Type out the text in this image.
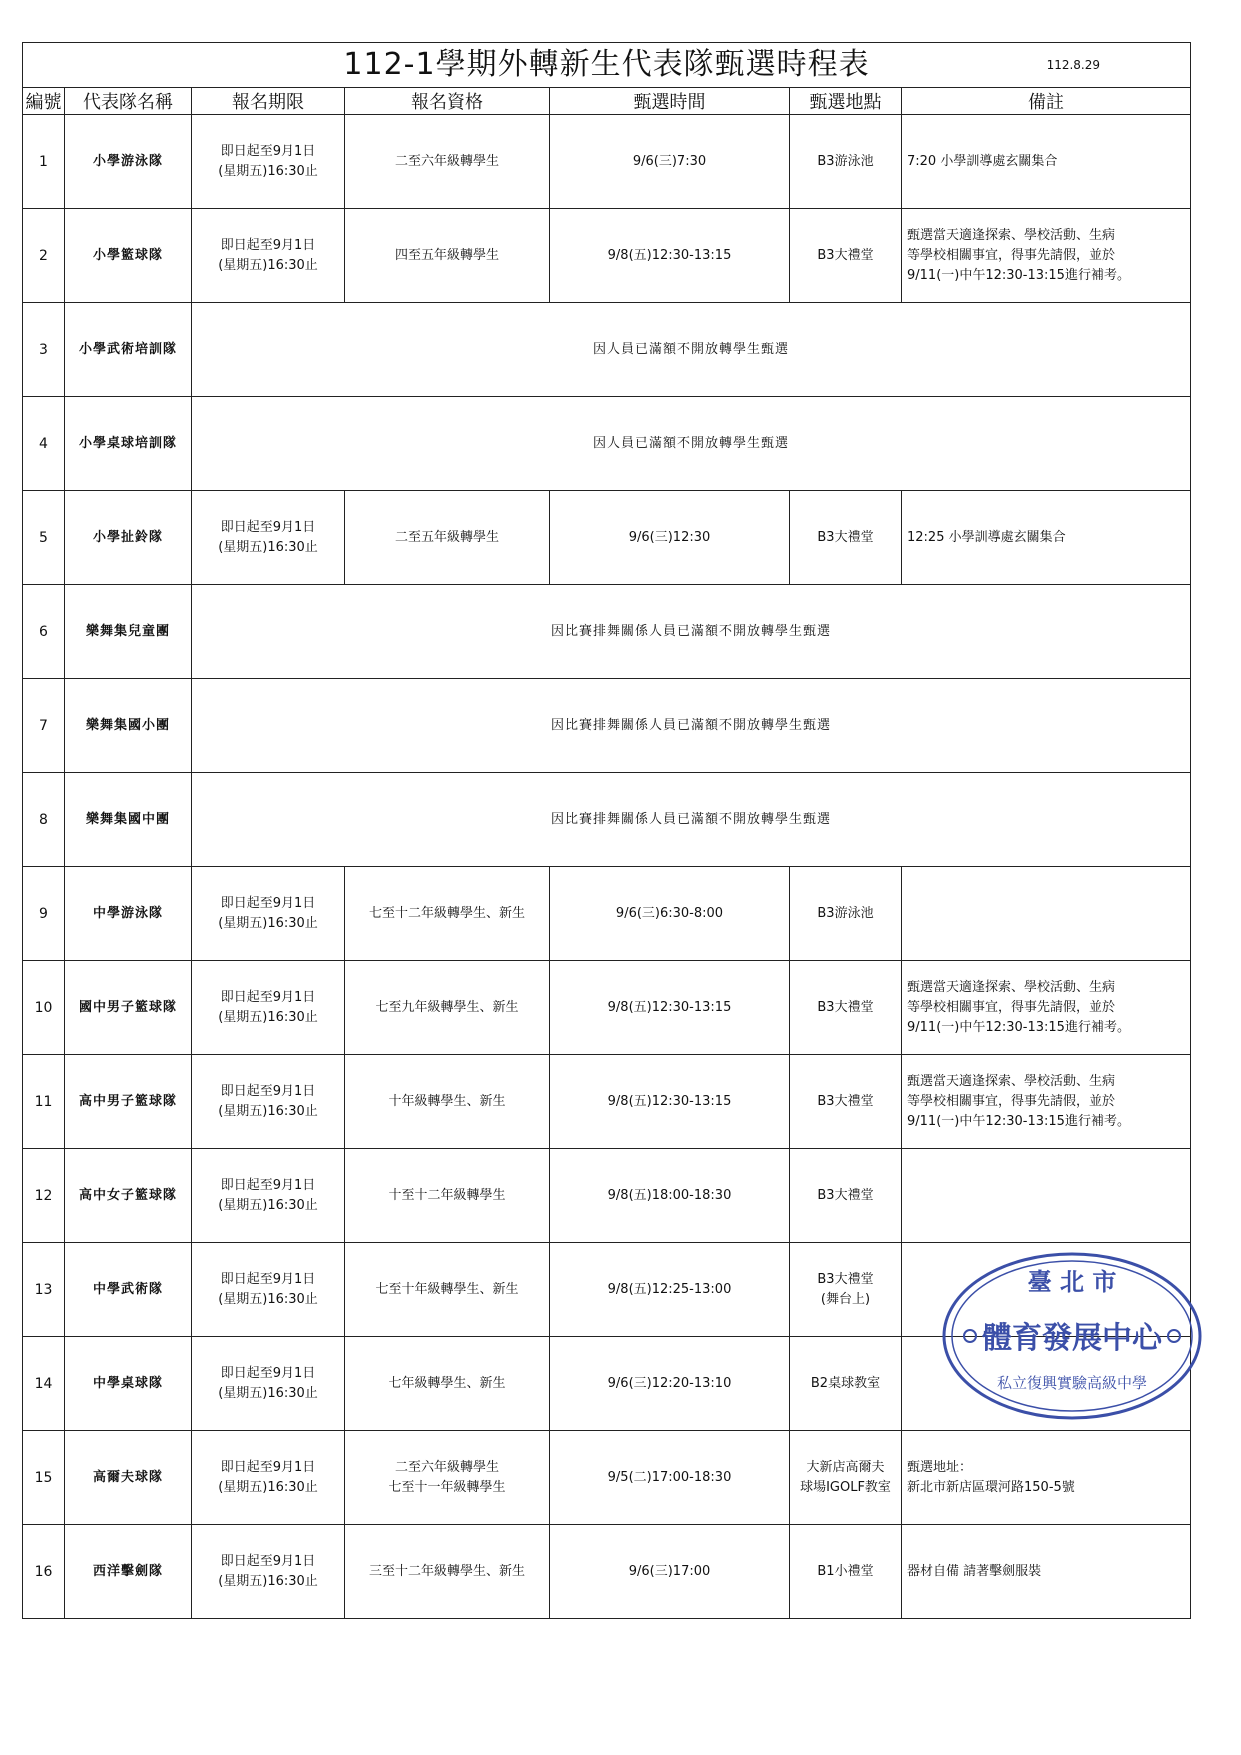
112-1學期外轉新生代表隊甄選時程表 112.8.29						

編號	代表隊名稱	報名期限	報名資格	甄選時間	甄選地點	備註
1	小學游泳隊	即日起至9月1日
(星期五)16:30止	二至六年級轉學生	9/6(三)7:30	B3游泳池	7:20 小學訓導處玄關集合

2	小學籃球隊	即日起至9月1日
(星期五)16:30止	四至五年級轉學生	9/8(五)12:30-13:15	B3大禮堂	甄選當天適逢探索、學校活動、生病
等學校相關事宜，得事先請假，並於
9/11(一)中午12:30-13:15進行補考。

3	小學武術培訓隊	因人員已滿額不開放轉學生甄選				
4	小學桌球培訓隊	因人員已滿額不開放轉學生甄選				
5	小學扯鈴隊	即日起至9月1日
(星期五)16:30止	二至五年級轉學生	9/6(三)12:30	B3大禮堂	12:25 小學訓導處玄關集合

6	樂舞集兒童團	因比賽排舞關係人員已滿額不開放轉學生甄選				
7	樂舞集國小團	因比賽排舞關係人員已滿額不開放轉學生甄選				
8	樂舞集國中團	因比賽排舞關係人員已滿額不開放轉學生甄選				
9	中學游泳隊	即日起至9月1日
(星期五)16:30止	七至十二年級轉學生、新生	9/6(三)6:30-8:00	B3游泳池	

10	國中男子籃球隊	即日起至9月1日
(星期五)16:30止	七至九年級轉學生、新生	9/8(五)12:30-13:15	B3大禮堂	甄選當天適逢探索、學校活動、生病
等學校相關事宜，得事先請假，並於
9/11(一)中午12:30-13:15進行補考。

11	高中男子籃球隊	即日起至9月1日
(星期五)16:30止	十年級轉學生、新生	9/8(五)12:30-13:15	B3大禮堂	甄選當天適逢探索、學校活動、生病
等學校相關事宜，得事先請假，並於
9/11(一)中午12:30-13:15進行補考。

12	高中女子籃球隊	即日起至9月1日
(星期五)16:30止	十至十二年級轉學生	9/8(五)18:00-18:30	B3大禮堂	

13	中學武術隊	即日起至9月1日
(星期五)16:30止	七至十年級轉學生、新生	9/8(五)12:25-13:00	B3大禮堂
(舞台上)	

14	中學桌球隊	即日起至9月1日
(星期五)16:30止	七年級轉學生、新生	9/6(三)12:20-13:10	B2桌球教室	

15	高爾夫球隊	即日起至9月1日
(星期五)16:30止	二至六年級轉學生
七至十一年級轉學生	9/5(二)17:00-18:30	大新店高爾夫
球場IGOLF教室	甄選地址：
新北市新店區環河路150-5號

16	西洋擊劍隊	即日起至9月1日
(星期五)16:30止	三至十二年級轉學生、新生	9/6(三)17:00	B1小禮堂	器材自備 請著擊劍服裝
臺 北 市
體育發展中心
私立復興實驗高級中學
